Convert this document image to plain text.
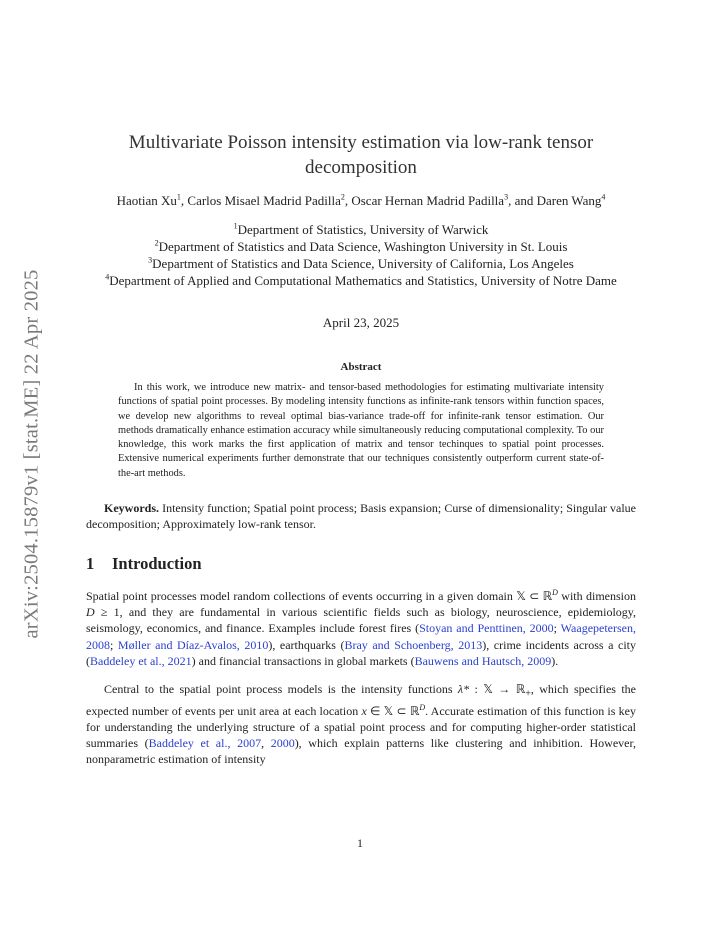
arXiv:2504.15879v1 [stat.ME] 22 Apr 2025
Multivariate Poisson intensity estimation via low-rank tensor decomposition
Haotian Xu$^1$, Carlos Misael Madrid Padilla$^2$, Oscar Hernan Madrid Padilla$^3$, and Daren Wang$^4$
$^1$Department of Statistics, University of Warwick
$^2$Department of Statistics and Data Science, Washington University in St. Louis
$^3$Department of Statistics and Data Science, University of California, Los Angeles
$^4$Department of Applied and Computational Mathematics and Statistics, University of Notre Dame
April 23, 2025
Abstract
In this work, we introduce new matrix- and tensor-based methodologies for estimating multivariate intensity functions of spatial point processes. By modeling intensity functions as infinite-rank tensors within function spaces, we develop new algorithms to reveal optimal bias-variance trade-off for infinite-rank tensor estimation. Our methods dramatically enhance estimation accuracy while simultaneously reducing computational complexity. To our knowledge, this work marks the first application of matrix and tensor techinques to spatial point processes. Extensive numerical experiments further demonstrate that our techniques consistently outperform current state-of-the-art methods.
Keywords. Intensity function; Spatial point process; Basis expansion; Curse of dimensionality; Singular value decomposition; Approximately low-rank tensor.
1 Introduction

Spatial point processes model random collections of events occurring in a given domain 𝕏 ⊂ ℝ$^D$ with dimension D ≥ 1, and they are fundamental in various scientific fields such as biology, neuroscience, epidemiology, seismology, economics, and finance. Examples include forest fires (Stoyan and Penttinen, 2000; Waagepetersen, 2008; Møller and Díaz-Avalos, 2010), earthquarks (Bray and Schoenberg, 2013), crime incidents across a city (Baddeley et al., 2021) and financial transactions in global markets (Bauwens and Hautsch, 2009).

Central to the spatial point process models is the intensity functions λ* : 𝕏 → ℝ$_+$, which specifies the expected number of events per unit area at each location x ∈ 𝕏 ⊂ ℝ$^D$. Accurate estimation of this function is key for understanding the underlying structure of a spatial point process and for computing higher-order statistical summaries (Baddeley et al., 2007, 2000), which explain patterns like clustering and inhibition. However, nonparametric estimation of intensity

1
